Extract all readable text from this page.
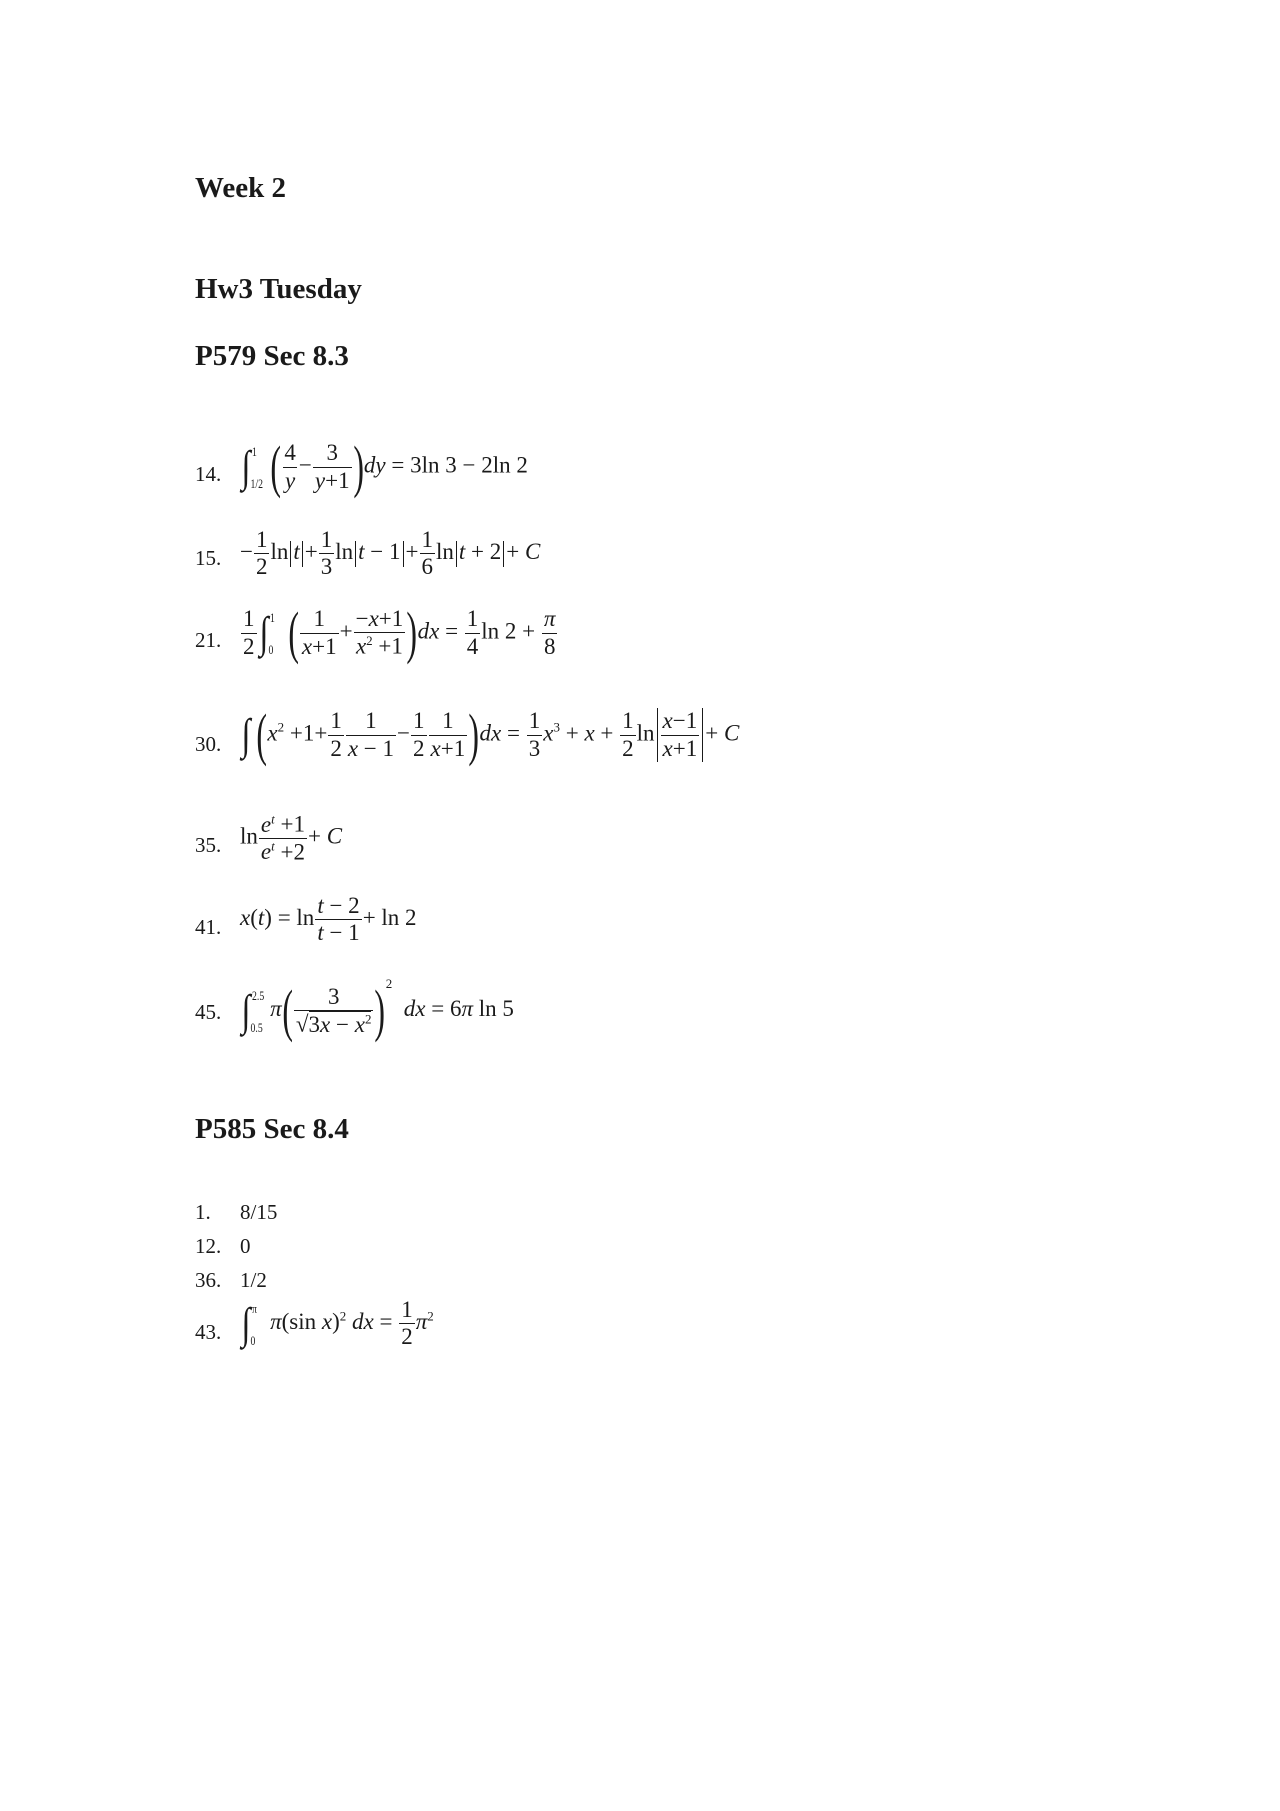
Week 2
Hw3 Tuesday
P579 Sec 8.3
14. ∫ 1
1/2 ( $\frac{4}{y} - \frac{3}{y+1} )dy = 3\ln$ 3 − 2ln 2
15. − $\frac{1}{2}$ $\ln t + \frac{1}{3}$ $\ln t - 1 + \frac{1}{6}$ ln t + 2 + C
21. $\frac{1}{2}$ ∫ 1
0 ( $\frac{1}{x+1} + \frac{-x+1}{x^2 +1} )dx = \frac{1}{4}$ $\ln 2 + \frac{\pi}{8}$
30. ∫ $(x^2 +1+ \frac{1}{2} \frac{1}{x - 1} - \frac{1}{2} \frac{1}{x+1} )dx = \frac{1}{3} x^3 + x + \frac{1}{2}$ $\ln \frac{x-1}{x+1} + C$
35. $\ln \frac{e^t +1}{e^t +2} + C$
41. $x(t) = \ln \frac{t - 2}{t - 1} + \ln 2$
45. ∫ 2.5
0.5
$\pi( \frac{3}{√3x - x^2} )^2$  dx = 6π ln 5
P585 Sec 8.4
1. 8/15
12. 0
36. 1/2
43. ∫ π
0
π(sin x)$^2$ dx = $\frac{1}{2} \pi^2$
